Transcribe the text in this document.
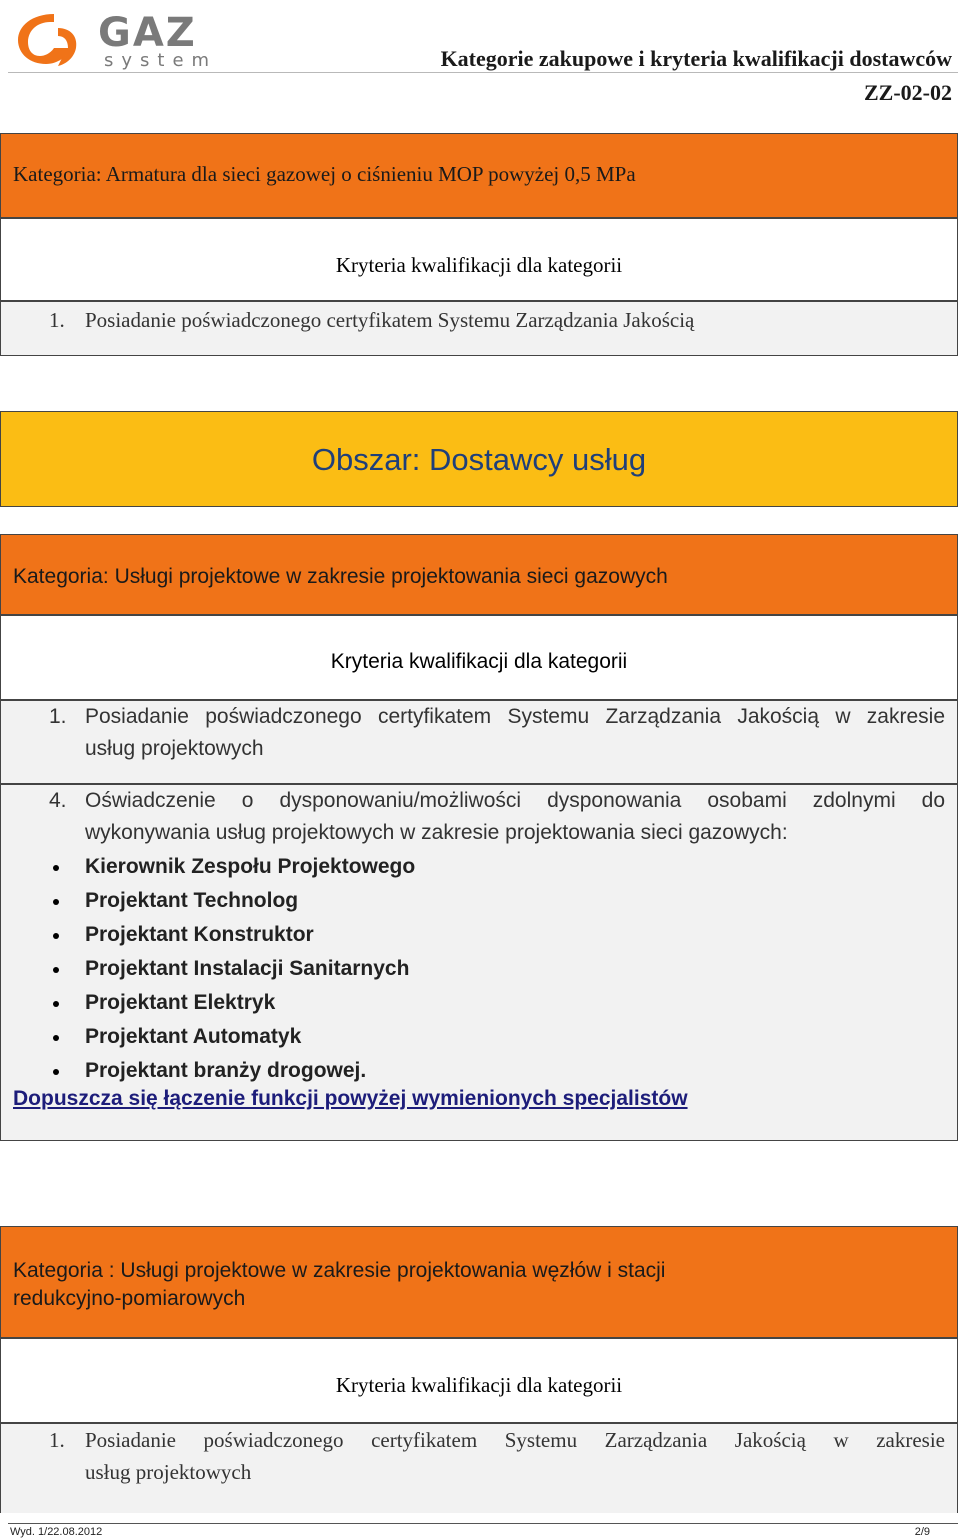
GAZ
system	Kategorie zakupowe i kryteria kwalifikacji dostawców
ZZ-02-02
Kategoria: Armatura dla sieci gazowej o ciśnieniu MOP powyżej 0,5 MPa
Kryteria kwalifikacji dla kategorii
1. Posiadanie poświadczonego certyfikatem Systemu Zarządzania Jakością
Obszar: Dostawcy usług
Kategoria: Usługi projektowe w zakresie projektowania sieci gazowych
Kryteria kwalifikacji dla kategorii
1. Posiadanie poświadczonego certyfikatem Systemu Zarządzania Jakością w zakresie
usług projektowych
4. Oświadczenie o dysponowaniu/możliwości dysponowania osobami zdolnymi do
wykonywania usług projektowych w zakresie projektowania sieci gazowych:
Kierownik Zespołu Projektowego
Projektant Technolog
Projektant Konstruktor
Projektant Instalacji Sanitarnych
Projektant Elektryk
Projektant Automatyk
Projektant branży drogowej.
Dopuszcza się łączenie funkcji powyżej wymienionych specjalistów
Kategoria : Usługi projektowe w zakresie projektowania węzłów i stacji
redukcyjno-pomiarowych
Kryteria kwalifikacji dla kategorii
1. Posiadanie poświadczonego certyfikatem Systemu Zarządzania Jakością w zakresie
usług projektowych
Wyd. 1/22.08.2012	2/9
